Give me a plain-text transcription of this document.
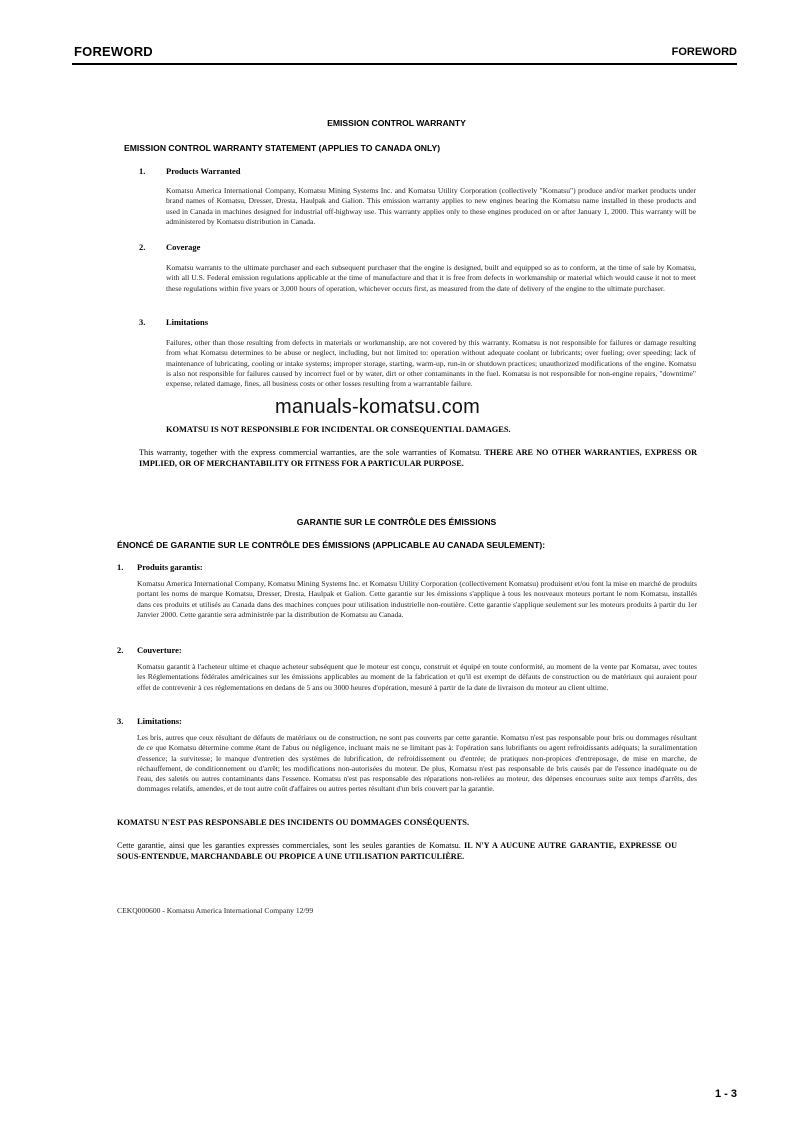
FOREWORD	FOREWORD
EMISSION CONTROL WARRANTY
EMISSION CONTROL WARRANTY STATEMENT (APPLIES TO CANADA ONLY)
1. Products Warranted
Komatsu America International Company, Komatsu Mining Systems Inc. and Komatsu Utility Corporation (collectively "Komatsu") produce and/or market products under brand names of Komatsu, Dresser, Dresta, Haulpak and Galion. This emission warranty applies to new engines bearing the Komatsu name installed in these products and used in Canada in machines designed for industrial off-highway use. This warranty applies only to these engines produced on or after January 1, 2000. This warranty will be administered by Komatsu distribution in Canada.
2. Coverage
Komatsu warrants to the ultimate purchaser and each subsequent purchaser that the engine is designed, built and equipped so as to conform, at the time of sale by Komatsu, with all U.S. Federal emission regulations applicable at the time of manufacture and that it is free from defects in workmanship or material which would cause it not to meet these regulations within five years or 3,000 hours of operation, whichever occurs first, as measured from the date of delivery of the engine to the ultimate purchaser.
3. Limitations
Failures, other than those resulting from defects in materials or workmanship, are not covered by this warranty. Komatsu is not responsible for failures or damage resulting from what Komatsu determines to be abuse or neglect, including, but not limited to: operation without adequate coolant or lubricants; over fueling; over speeding; lack of maintenance of lubricating, cooling or intake systems; improper storage, starting, warm-up, run-in or shutdown practices; unauthorized modifications of the engine. Komatsu is also not responsible for failures caused by incorrect fuel or by water, dirt or other contaminants in the fuel. Komatsu is not responsible for non-engine repairs, "downtime" expense, related damage, fines, all business costs or other losses resulting from a warrantable failure.
manuals-komatsu.com
KOMATSU IS NOT RESPONSIBLE FOR INCIDENTAL OR CONSEQUENTIAL DAMAGES.
This warranty, together with the express commercial warranties, are the sole warranties of Komatsu. THERE ARE NO OTHER WARRANTIES, EXPRESS OR IMPLIED, OR OF MERCHANTABILITY OR FITNESS FOR A PARTICULAR PURPOSE.
GARANTIE SUR LE CONTRÔLE DES ÉMISSIONS
ÉNONCÉ DE GARANTIE SUR LE CONTRÔLE DES ÉMISSIONS (APPLICABLE AU CANADA SEULEMENT):
1. Produits garantis:
Komatsu America International Company, Komatsu Mining Systems Inc. et Komatsu Utility Corporation (collectivement Komatsu) produisent et/ou font la mise en marché de produits portant les noms de marque Komatsu, Dresser, Dresta, Haulpak et Galion. Cette garantie sur les émissions s'applique à tous les nouveaux moteurs portant le nom Komatsu, installés dans ces produits et utilisés au Canada dans des machines conçues pour utilisation industrielle non-routière. Cette garantie s'applique seulement sur les moteurs produits à partir du 1er Janvier 2000. Cette garantie sera administrée par la distribution de Komatsu au Canada.
2. Couverture:
Komatsu garantit à l'acheteur ultime et chaque acheteur subséquent que le moteur est conçu, construit et équipé en toute conformité, au moment de la vente par Komatsu, avec toutes les Réglementations fédérales américaines sur les émissions applicables au moment de la fabrication et qu'il est exempt de défauts de construction ou de matériaux qui auraient pour effet de contrevenir à ces réglementations en dedans de 5 ans ou 3000 heures d'opération, mesuré à partir de la date de livraison du moteur au client ultime.
3. Limitations:
Les bris, autres que ceux résultant de défauts de matériaux ou de construction, ne sont pas couverts par cette garantie. Komatsu n'est pas responsable pour bris ou dommages résultant de ce que Komatsu détermine comme étant de l'abus ou négligence, incluant mais ne se limitant pas à: l'opération sans lubrifiants ou agent refroidissants adéquats; la suralimentation d'essence; la survitesse; le manque d'entretien des systèmes de lubrification, de refroidissement ou d'entrée; de pratiques non-propices d'entreposage, de mise en marche, de réchauffement, de conditionnement ou d'arrêt; les modifications non-autorisées du moteur. De plus, Komatsu n'est pas responsable de bris causés par de l'essence inadéquate ou de l'eau, des saletés ou autres contaminants dans l'essence. Komatsu n'est pas responsable des réparations non-reliées au moteur, des dépenses encourues suite aux temps d'arrêts, des dommages relatifs, amendes, et de tout autre coût d'affaires ou autres pertes résultant d'un bris couvert par la garantie.
KOMATSU N'EST PAS RESPONSABLE DES INCIDENTS OU DOMMAGES CONSÉQUENTS.
Cette garantie, ainsi que les garanties expresses commerciales, sont les seules garanties de Komatsu. IL N'Y A AUCUNE AUTRE GARANTIE, EXPRESSE OU SOUS-ENTENDUE, MARCHANDABLE OU PROPICE A UNE UTILISATION PARTICULIÈRE.
CEKQ000600 - Komatsu America International Company 12/99
1 - 3
